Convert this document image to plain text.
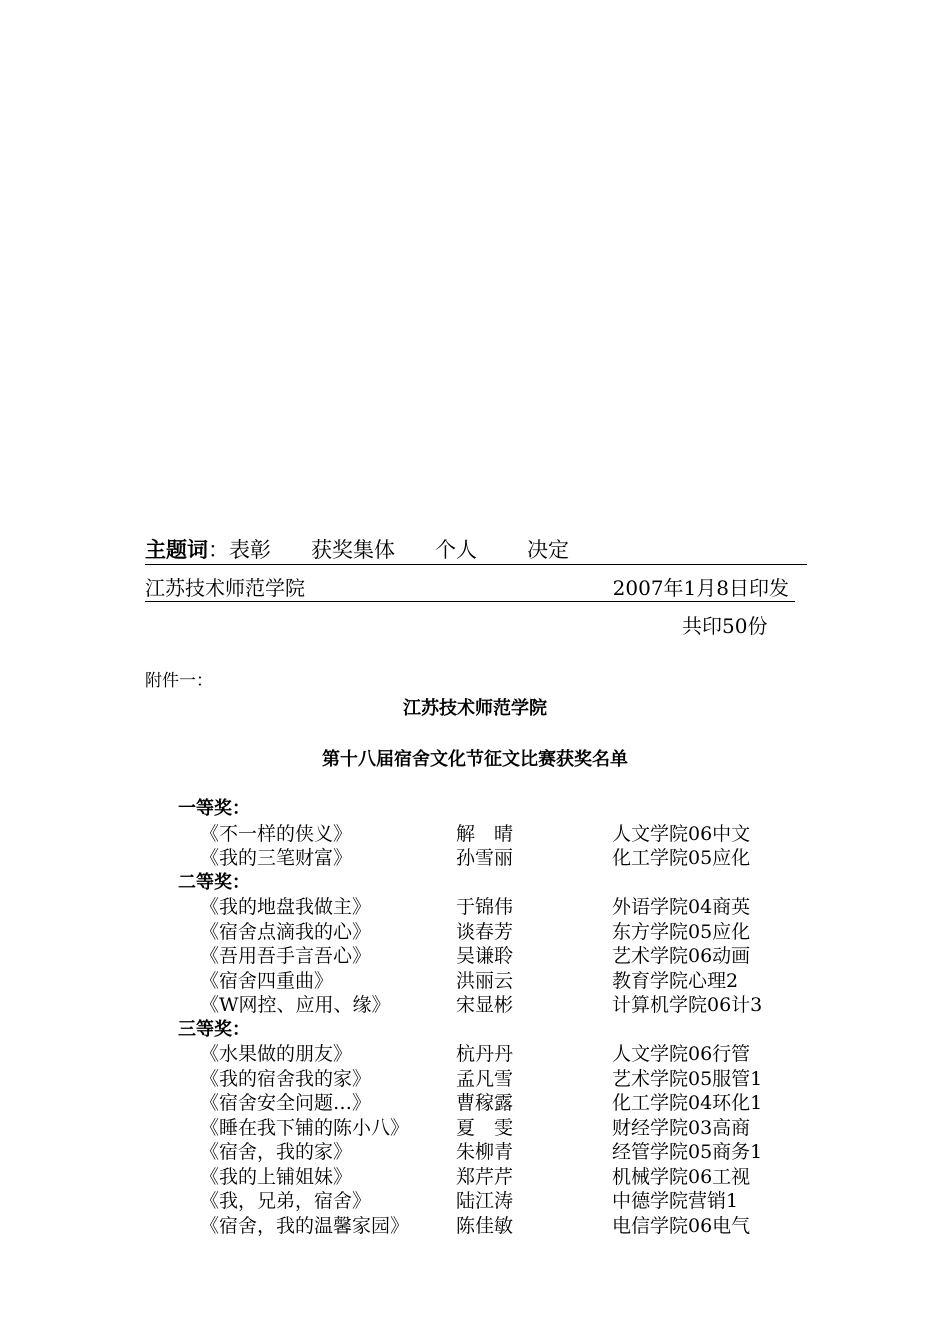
主题词：表彰 获奖集体 个人 决定
江苏技术师范学院	2007年1月8日印发
共印50份
附件一：
江苏技术师范学院
第十八届宿舍文化节征文比赛获奖名单
一等奖：
《不一样的侠义》	解　晴	人文学院06中文
《我的三笔财富》	孙雪丽	化工学院05应化
二等奖：
《我的地盘我做主》	于锦伟	外语学院04商英
《宿舍点滴我的心》	谈春芳	东方学院05应化
《吾用吾手言吾心》	吴谦聆	艺术学院06动画
《宿舍四重曲》	洪丽云	教育学院心理2
《W网控、应用、缘》	宋显彬	计算机学院06计3
三等奖：
《水果做的朋友》	杭丹丹	人文学院06行管
《我的宿舍我的家》	孟凡雪	艺术学院05服管1
《宿舍安全问题…》	曹稼露	化工学院04环化1
《睡在我下铺的陈小八》 夏　雯	财经学院03高商
《宿舍，我的家》	朱柳青	经管学院05商务1
《我的上铺姐妹》	郑芹芹	机械学院06工视
《我，兄弟，宿舍》	陆江涛	中德学院营销1
《宿舍，我的温馨家园》 陈佳敏	电信学院06电气
